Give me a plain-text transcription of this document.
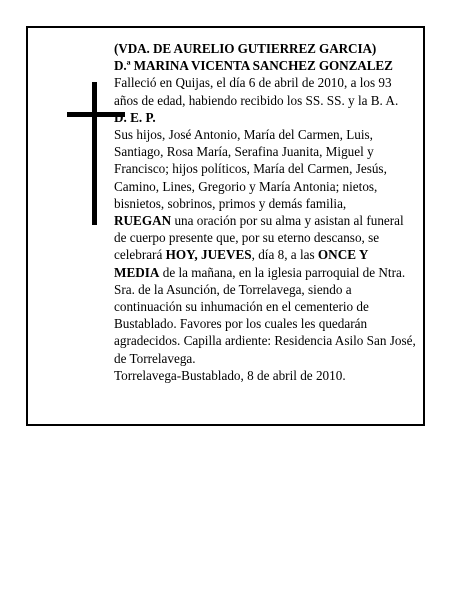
(VDA. DE AURELIO GUTIERREZ GARCIA)

D.ª MARINA VICENTA SANCHEZ GONZALEZ

Falleció en Quijas, el día 6 de abril de 2010, a los 93 años de edad, habiendo recibido los SS. SS. y la B. A.

D. E. P.

Sus hijos, José Antonio, María del Carmen, Luis, Santiago, Rosa María, Serafina Juanita, Miguel y Francisco; hijos políticos, María del Carmen, Jesús, Camino, Lines, Gregorio y María Antonia; nietos, bisnietos, sobrinos, primos y demás familia,

RUEGAN una oración por su alma y asistan al funeral de cuerpo presente que, por su eterno descanso, se celebrará HOY, JUEVES, día 8, a las ONCE Y MEDIA de la mañana, en la iglesia parroquial de Ntra. Sra. de la Asunción, de Torrelavega, siendo a continuación su inhumación en el cementerio de Bustablado. Favores por los cuales les quedarán agradecidos. Capilla ardiente: Residencia Asilo San José, de Torrelavega.

Torrelavega-Bustablado, 8 de abril de 2010.
